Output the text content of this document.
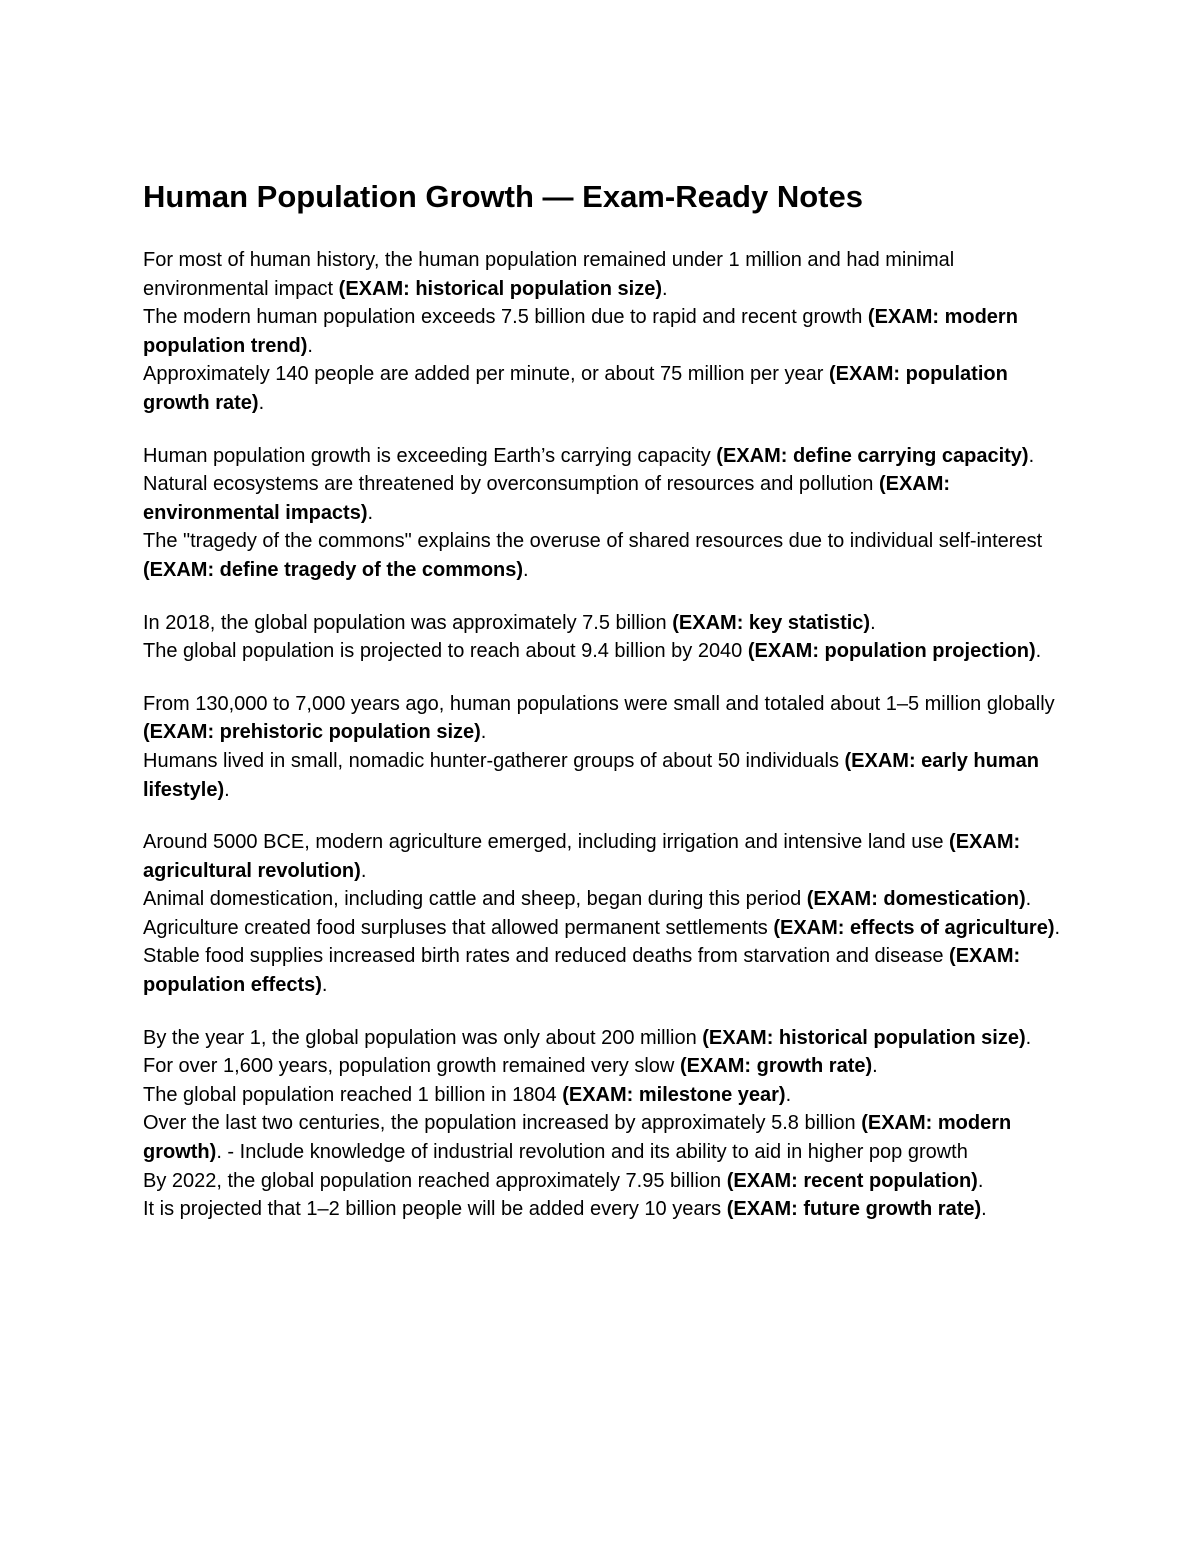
Human Population Growth — Exam-Ready Notes
For most of human history, the human population remained under 1 million and had minimal environmental impact (EXAM: historical population size).
The modern human population exceeds 7.5 billion due to rapid and recent growth (EXAM: modern population trend).
Approximately 140 people are added per minute, or about 75 million per year (EXAM: population growth rate).
Human population growth is exceeding Earth’s carrying capacity (EXAM: define carrying capacity).
Natural ecosystems are threatened by overconsumption of resources and pollution (EXAM: environmental impacts).
The "tragedy of the commons" explains the overuse of shared resources due to individual self-interest (EXAM: define tragedy of the commons).
In 2018, the global population was approximately 7.5 billion (EXAM: key statistic).
The global population is projected to reach about 9.4 billion by 2040 (EXAM: population projection).
From 130,000 to 7,000 years ago, human populations were small and totaled about 1–5 million globally (EXAM: prehistoric population size).
Humans lived in small, nomadic hunter-gatherer groups of about 50 individuals (EXAM: early human lifestyle).
Around 5000 BCE, modern agriculture emerged, including irrigation and intensive land use (EXAM: agricultural revolution).
Animal domestication, including cattle and sheep, began during this period (EXAM: domestication).
Agriculture created food surpluses that allowed permanent settlements (EXAM: effects of agriculture).
Stable food supplies increased birth rates and reduced deaths from starvation and disease (EXAM: population effects).
By the year 1, the global population was only about 200 million (EXAM: historical population size).
For over 1,600 years, population growth remained very slow (EXAM: growth rate).
The global population reached 1 billion in 1804 (EXAM: milestone year).
Over the last two centuries, the population increased by approximately 5.8 billion (EXAM: modern growth). - Include knowledge of industrial revolution and its ability to aid in higher pop growth
By 2022, the global population reached approximately 7.95 billion (EXAM: recent population).
It is projected that 1–2 billion people will be added every 10 years (EXAM: future growth rate).
